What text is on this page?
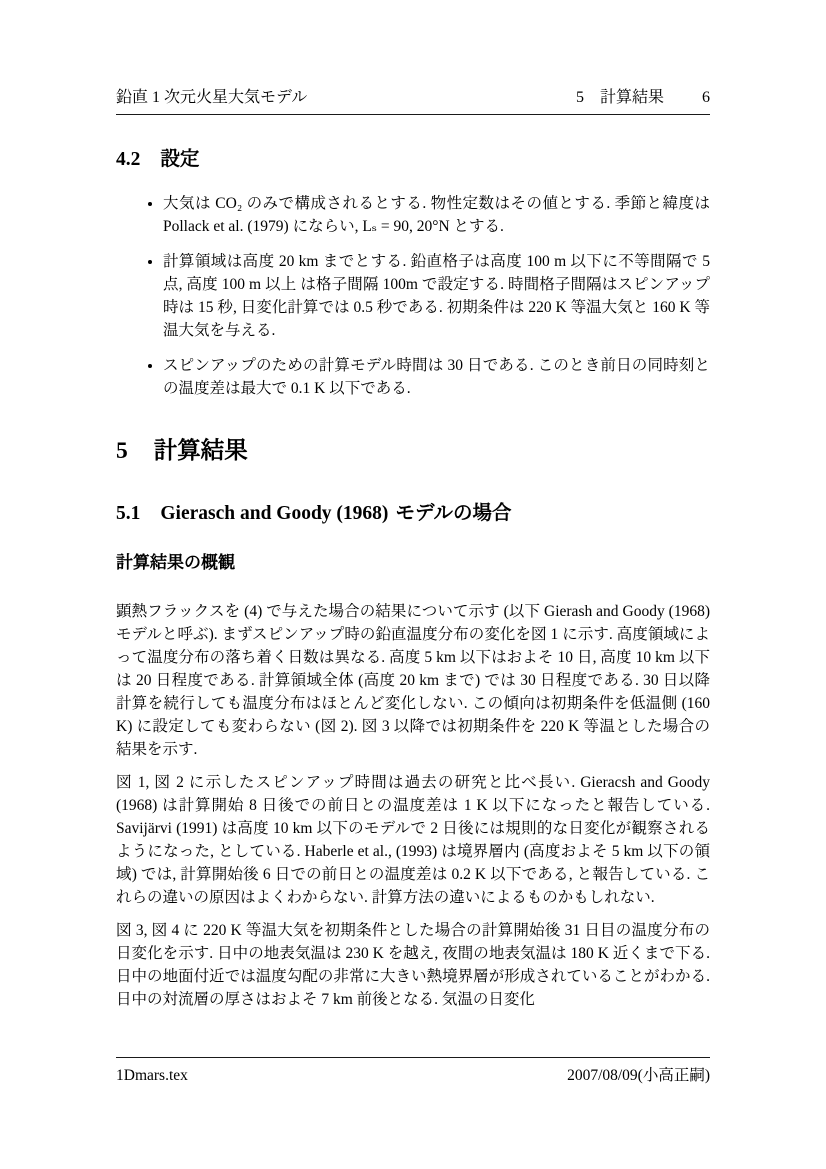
鉛直 1 次元火星大気モデル	5　計算結果 6
4.2 設定
• 大気は CO₂ のみで構成されるとする. 物性定数はその値とする. 季節と緯度は Pollack et al. (1979) にならい, Lₛ = 90, 20°N とする.
• 計算領域は高度 20 km までとする. 鉛直格子は高度 100 m 以下に不等間隔で 5 点, 高度 100 m 以上 は格子間隔 100m で設定する. 時間格子間隔はスピンアップ時は 15 秒, 日変化計算では 0.5 秒である. 初期条件は 220 K 等温大気と 160 K 等温大気を与える.
• スピンアップのための計算モデル時間は 30 日である. このとき前日の同時刻との温度差は最大で 0.1 K 以下である.
5 計算結果
5.1 Gierasch and Goody (1968) モデルの場合
計算結果の概観

顕熱フラックスを (4) で与えた場合の結果について示す (以下 Gierash and Goody (1968) モデルと呼ぶ). まずスピンアップ時の鉛直温度分布の変化を図 1 に示す. 高度領域によって温度分布の落ち着く日数は異なる. 高度 5 km 以下はおよそ 10 日, 高度 10 km 以下は 20 日程度である. 計算領域全体 (高度 20 km まで) では 30 日程度である. 30 日以降計算を続行しても温度分布はほとんど変化しない. この傾向は初期条件を低温側 (160 K) に設定しても変わらない (図 2). 図 3 以降では初期条件を 220 K 等温とした場合の結果を示す.

図 1, 図 2 に示したスピンアップ時間は過去の研究と比べ長い. Gieracsh and Goody (1968) は計算開始 8 日後での前日との温度差は 1 K 以下になったと報告している. Savijärvi (1991) は高度 10 km 以下のモデルで 2 日後には規則的な日変化が観察されるようになった, としている. Haberle et al., (1993) は境界層内 (高度およそ 5 km 以下の領域) では, 計算開始後 6 日での前日との温度差は 0.2 K 以下である, と報告している. これらの違いの原因はよくわからない. 計算方法の違いによるものかもしれない.

図 3, 図 4 に 220 K 等温大気を初期条件とした場合の計算開始後 31 日目の温度分布の日変化を示す. 日中の地表気温は 230 K を越え, 夜間の地表気温は 180 K 近くまで下る. 日中の地面付近では温度勾配の非常に大きい熱境界層が形成されていることがわかる. 日中の対流層の厚さはおよそ 7 km 前後となる. 気温の日変化

1Dmars.tex	2007/08/09(小高正嗣)
